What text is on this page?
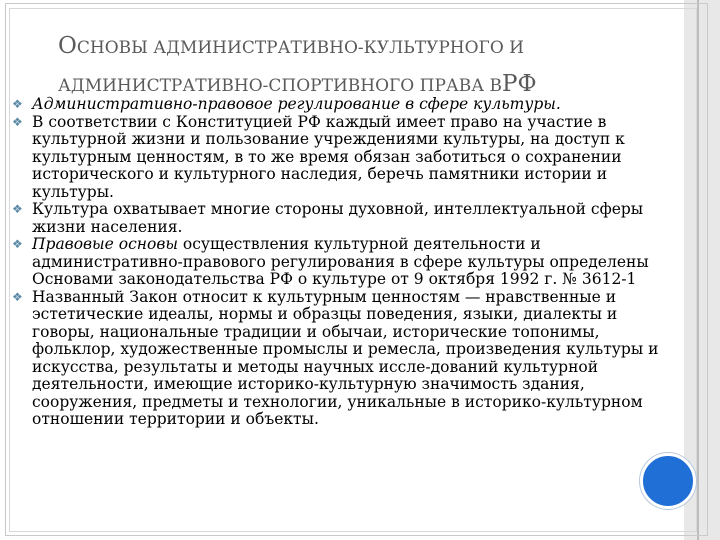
ОСНОВЫ АДМИНИСТРАТИВНО-КУЛЬТУРНОГО И
АДМИНИСТРАТИВНО-СПОРТИВНОГО ПРАВА ВРФ
❖ Административно-правовое регулирование в сфере культуры.
❖ В соответствии с Конституцией РФ каждый имеет право на участие в культурной жизни и пользование учреждениями культуры, на доступ к культурным ценностям, в то же время обязан заботиться о сохранении исторического и культурного наследия, беречь памятники истории и культуры.
❖ Культура охватывает многие стороны духовной, интеллектуальной сферы жизни населения.
❖ Правовые основы осуществления культурной деятельности и административно-правового регулирования в сфере культуры определены Основами законодательства РФ о культуре от 9 октября 1992 г. № 3612-1
❖ Названный Закон относит к культурным ценностям — нравственные и эстетические идеалы, нормы и образцы поведения, языки, диалекты и говоры, национальные традиции и обычаи, исторические топонимы, фольклор, художественные промыслы и ремесла, произведения культуры и искусства, результаты и методы научных иссле-дований культурной деятельности, имеющие историко-культурную значимость здания, сооружения, предметы и технологии, уникальные в историко-культурном отношении территории и объекты.
